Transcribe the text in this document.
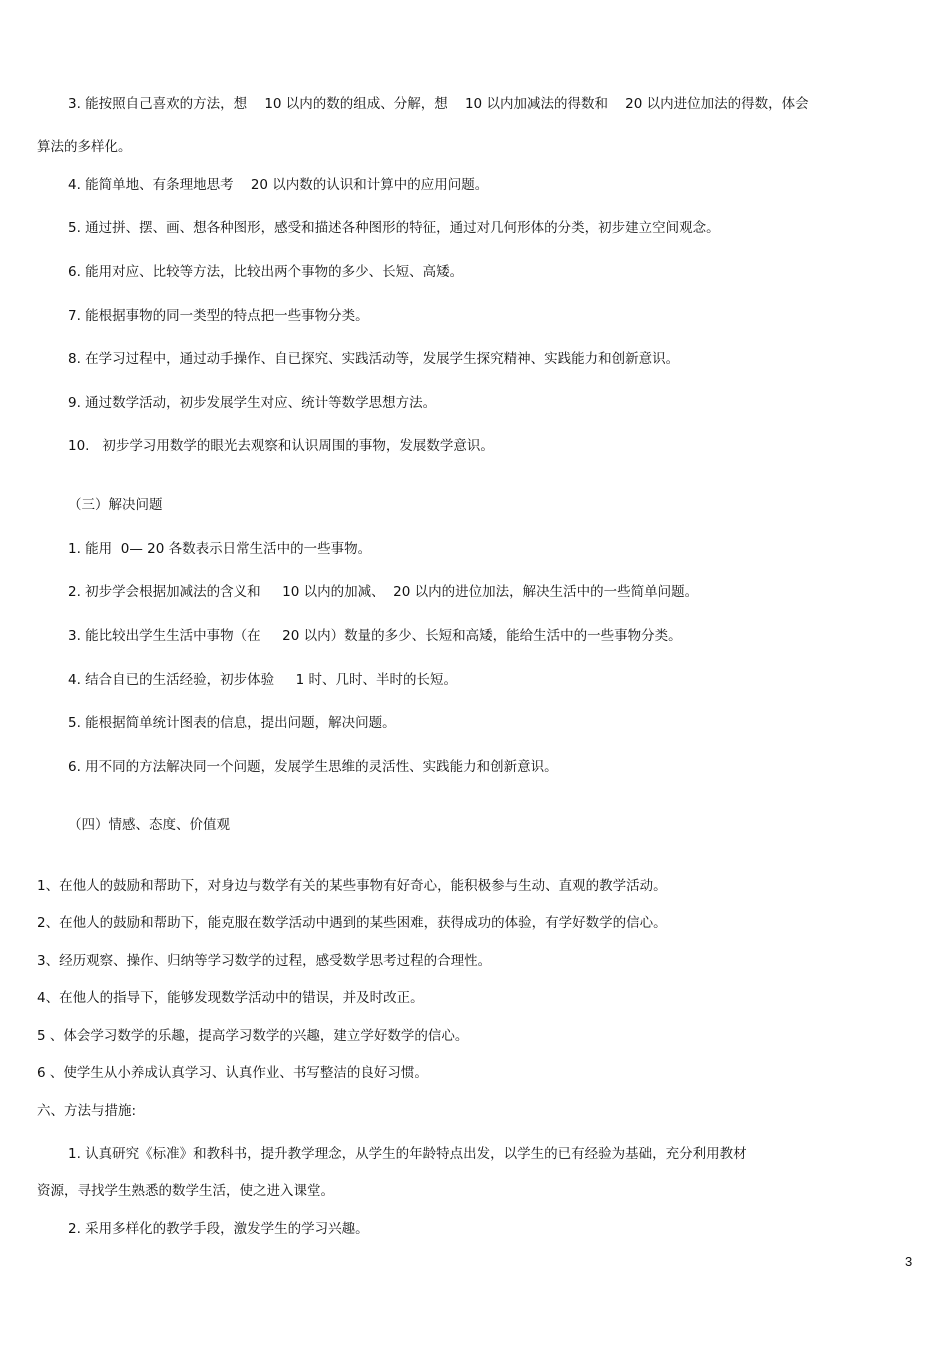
3. 能按照自己喜欢的方法，想    10 以内的数的组成、分解，想    10 以内加减法的得数和    20 以内进位加法的得数，体会

算法的多样化。

4. 能简单地、有条理地思考    20 以内数的认识和计算中的应用问题。

5. 通过拼、摆、画、想各种图形，感受和描述各种图形的特征，通过对几何形体的分类，初步建立空间观念。

6. 能用对应、比较等方法，比较出两个事物的多少、长短、高矮。

7. 能根据事物的同一类型的特点把一些事物分类。

8. 在学习过程中，通过动手操作、自已探究、实践活动等，发展学生探究精神、实践能力和创新意识。

9. 通过数学活动，初步发展学生对应、统计等数学思想方法。

10.   初步学习用数学的眼光去观察和认识周围的事物，发展数学意识。

（三）解决问题

1. 能用  0— 20 各数表示日常生活中的一些事物。

2. 初步学会根据加减法的含义和     10 以内的加减、  20 以内的进位加法，解决生活中的一些简单问题。

3. 能比较出学生生活中事物（在     20 以内）数量的多少、长短和高矮，能给生活中的一些事物分类。

4. 结合自已的生活经验，初步体验     1 时、几时、半时的长短。

5. 能根据简单统计图表的信息，提出问题，解决问题。

6. 用不同的方法解决同一个问题，发展学生思维的灵活性、实践能力和创新意识。

（四）情感、态度、价值观

1、在他人的鼓励和帮助下，对身边与数学有关的某些事物有好奇心，能积极参与生动、直观的教学活动。

2、在他人的鼓励和帮助下，能克服在数学活动中遇到的某些困难，获得成功的体验，有学好数学的信心。

3、经历观察、操作、归纳等学习数学的过程，感受数学思考过程的合理性。

4、在他人的指导下，能够发现数学活动中的错误，并及时改正。

5 、体会学习数学的乐趣，提高学习数学的兴趣，建立学好数学的信心。

6 、使学生从小养成认真学习、认真作业、书写整洁的良好习惯。

六、方法与措施:

1. 认真研究《标准》和教科书，提升教学理念，从学生的年龄特点出发，以学生的已有经验为基础，充分利用教材

资源，寻找学生熟悉的数学生活，使之进入课堂。

2. 采用多样化的教学手段，激发学生的学习兴趣。

3
